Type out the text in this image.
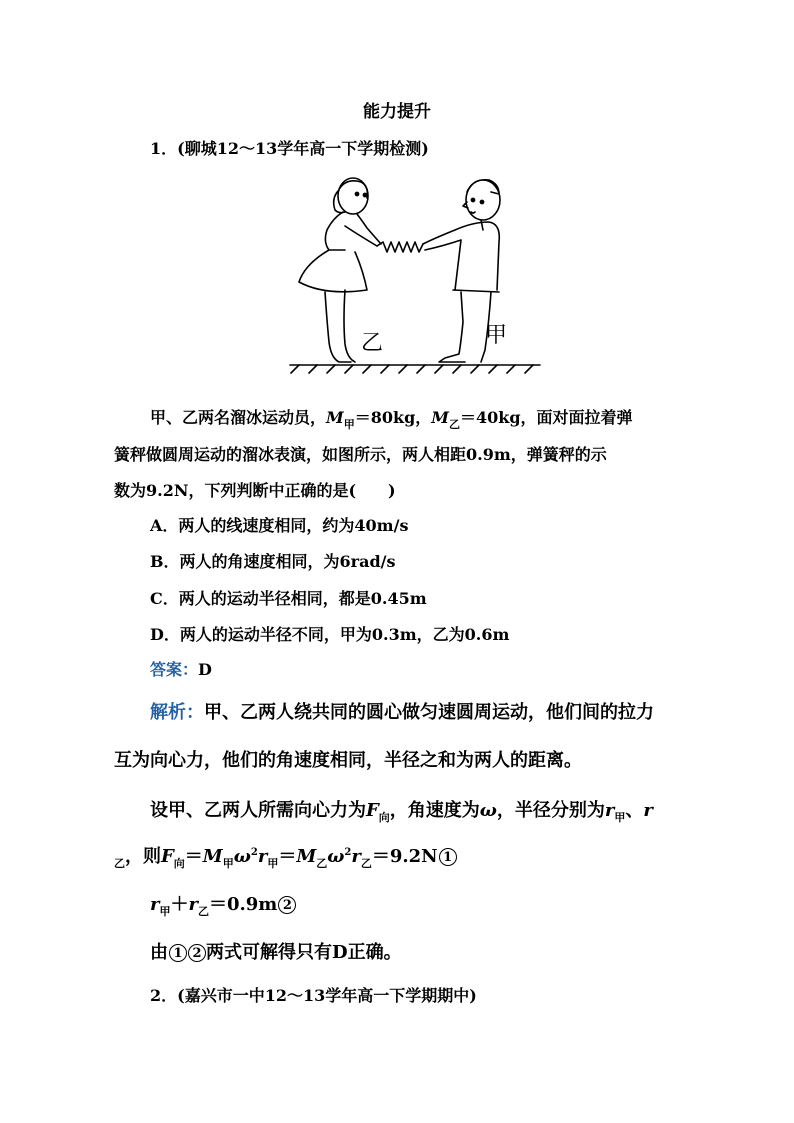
能力提升
1．(聊城12～13学年高一下学期检测)
乙	甲
甲、乙两名溜冰运动员，$M_甲=80kg$，$M_乙=40kg$，面对面拉着弹
簧秤做圆周运动的溜冰表演，如图所示，两人相距0.9m，弹簧秤的示
数为9.2N，下列判断中正确的是(　　)
A．两人的线速度相同，约为40m/s
B．两人的角速度相同，为6rad/s
C．两人的运动半径相同，都是0.45m
D．两人的运动半径不同，甲为0.3m，乙为0.6m
答案：D
解析：甲、乙两人绕共同的圆心做匀速圆周运动，他们间的拉力
互为向心力，他们的角速度相同，半径之和为两人的距离。
设甲、乙两人所需向心力为$F_向$，角速度为ω，半径分别为$r_甲$、r
$_乙$，则$F_向=M_甲\omega^2r_甲=M_乙\omega^2r_乙=9.2N$ 1
$r_甲+r_乙=0.9m$ 2
由 1 2 两式可解得只有D正确。
2．(嘉兴市一中12～13学年高一下学期期中)
